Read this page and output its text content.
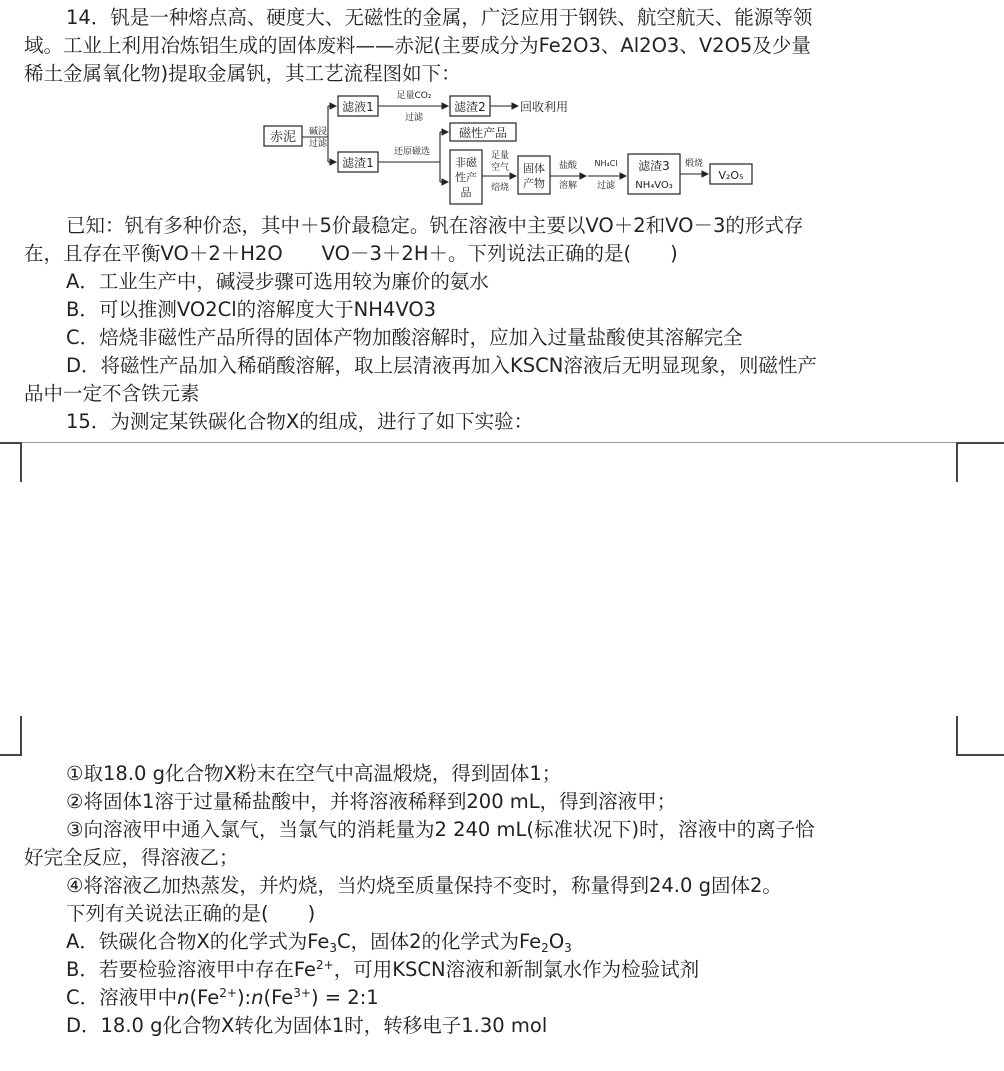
14．钒是一种熔点高、硬度大、无磁性的金属，广泛应用于钢铁、航空航天、能源等领
域。工业上利用冶炼铝生成的固体废料——赤泥(主要成分为Fe2O3、Al2O3、V2O5及少量
稀土金属氧化物)提取金属钒，其工艺流程图如下：
赤泥 碱浸
过滤
滤液1
足量CO₂
过滤
滤渣2	回收利用
滤渣1
还原磁选
磁性产品
非磁
性产
品
足量
空气
焙烧
固体
产物
盐酸
溶解
NH₄Cl
过滤
滤渣3
NH₄VO₃
煅烧
V₂O₅
已知：钒有多种价态，其中＋5价最稳定。钒在溶液中主要以VO＋2和VO－3的形式存
在，且存在平衡VO＋2＋H2O　　VO－3＋2H＋。下列说法正确的是(　　)
A．工业生产中，碱浸步骤可选用较为廉价的氨水
B．可以推测VO2Cl的溶解度大于NH4VO3
C．焙烧非磁性产品所得的固体产物加酸溶解时，应加入过量盐酸使其溶解完全
D．将磁性产品加入稀硝酸溶解，取上层清液再加入KSCN溶液后无明显现象，则磁性产
品中一定不含铁元素
15．为测定某铁碳化合物X的组成，进行了如下实验：
①取18.0 g化合物X粉末在空气中高温煅烧，得到固体1；
②将固体1溶于过量稀盐酸中，并将溶液稀释到200 mL，得到溶液甲；
③向溶液甲中通入氯气，当氯气的消耗量为2 240 mL(标准状况下)时，溶液中的离子恰
好完全反应，得溶液乙；
④将溶液乙加热蒸发，并灼烧，当灼烧至质量保持不变时，称量得到24.0 g固体2。
下列有关说法正确的是(　　)
A．铁碳化合物X的化学式为$Fe_3C$，固体2的化学式为$Fe_2O_3$
B．若要检验溶液甲中存在$Fe^{2+}$，可用KSCN溶液和新制氯水作为检验试剂
C．溶液甲中$n(Fe^{2+}):n(Fe^{3+})$ = 2:1
D．18.0 g化合物X转化为固体1时，转移电子1.30 mol
